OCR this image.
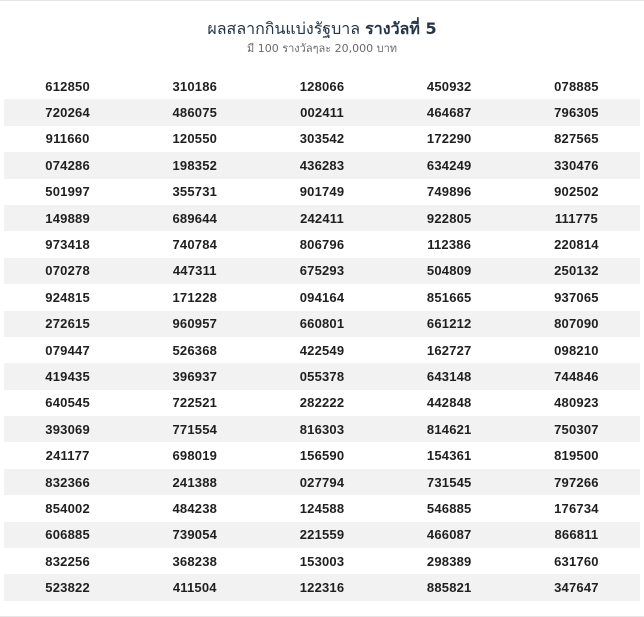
ผลสลากกินแบ่งรัฐบาล รางวัลที่ 5
มี 100 รางวัลๆละ 20,000 บาท
612850	310186	128066	450932	078885
720264	486075	002411	464687	796305
911660	120550	303542	172290	827565
074286	198352	436283	634249	330476
501997	355731	901749	749896	902502
149889	689644	242411	922805	111775
973418	740784	806796	112386	220814
070278	447311	675293	504809	250132
924815	171228	094164	851665	937065
272615	960957	660801	661212	807090
079447	526368	422549	162727	098210
419435	396937	055378	643148	744846
640545	722521	282222	442848	480923
393069	771554	816303	814621	750307
241177	698019	156590	154361	819500
832366	241388	027794	731545	797266
854002	484238	124588	546885	176734
606885	739054	221559	466087	866811
832256	368238	153003	298389	631760
523822	411504	122316	885821	347647
